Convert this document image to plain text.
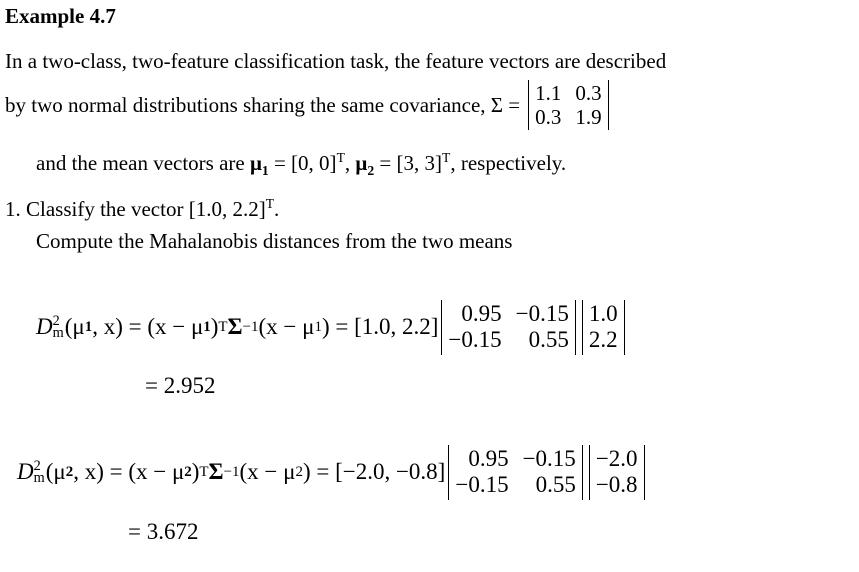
Example 4.7
In a two-class, two-feature classification task, the feature vectors are described
by two normal distributions sharing the same covariance, Σ = 1.1 0.3
0.3 1.9
and the mean vectors are $\mu_1 = [0$, 0]$^T$, $\mu_2 = [3$, 3]$^T$, respectively.
1. Classify the vector [1.0, 2.2]$^T$.
Compute the Mahalanobis distances from the two means
D 2
m (μ 1 , x) = (x − μ 1 ) T Σ −1 (x − μ 1 ) = [1.0, 2.2]
0.95 −0.15
−0.15	0.55
1.0
2.2
= 2.952
D 2
m (μ 2 , x) = (x − μ 2 ) T Σ −1 (x − μ 2 ) = [−2.0, −0.8]
0.95 −0.15
−0.15	0.55
−2.0
−0.8
= 3.672
